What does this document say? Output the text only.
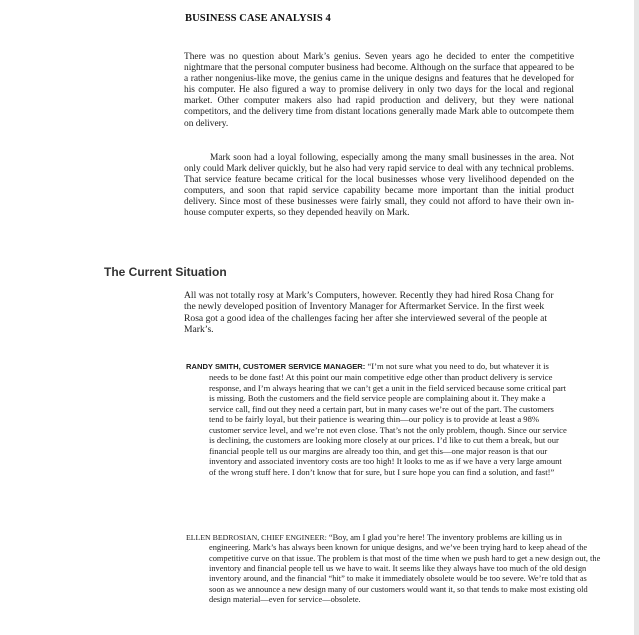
BUSINESS CASE ANALYSIS 4

There was no question about Mark’s genius. Seven years ago he decided to enter the competitive nightmare that the personal computer business had become. Although on the surface that appeared to be a rather nongenius-like move, the genius came in the unique designs and features that he developed for his computer. He also figured a way to promise delivery in only two days for the local and regional market. Other computer makers also had rapid production and delivery, but they were national competitors, and the delivery time from distant locations generally made Mark able to outcompete them on delivery.

Mark soon had a loyal following, especially among the many small businesses in the area. Not only could Mark deliver quickly, but he also had very rapid service to deal with any technical problems. That service feature became critical for the local businesses whose very livelihood depended on the computers, and soon that rapid service capability became more important than the initial product delivery. Since most of these businesses were fairly small, they could not afford to have their own in-house computer experts, so they depended heavily on Mark.

The Current Situation

All was not totally rosy at Mark’s Computers, however. Recently they had hired Rosa Chang for the newly developed position of Inventory Manager for Aftermarket Service. In the first week Rosa got a good idea of the challenges facing her after she interviewed several of the people at Mark’s.

RANDY SMITH, CUSTOMER SERVICE MANAGER: “I’m not sure what you need to do, but whatever it is needs to be done fast! At this point our main competitive edge other than product delivery is service response, and I’m always hearing that we can’t get a unit in the field serviced because some critical part is missing. Both the customers and the field service people are complaining about it. They make a service call, find out they need a certain part, but in many cases we’re out of the part. The customers tend to be fairly loyal, but their patience is wearing thin—our policy is to provide at least a 98% customer service level, and we’re not even close. That’s not the only problem, though. Since our service is declining, the customers are looking more closely at our prices. I’d like to cut them a break, but our financial people tell us our margins are already too thin, and get this—one major reason is that our inventory and associated inventory costs are too high! It looks to me as if we have a very large amount of the wrong stuff here. I don’t know that for sure, but I sure hope you can find a solution, and fast!”

ELLEN BEDROSIAN, CHIEF ENGINEER: “Boy, am I glad you’re here! The inventory problems are killing us in engineering. Mark’s has always been known for unique designs, and we’ve been trying hard to keep ahead of the competitive curve on that issue. The problem is that most of the time when we push hard to get a new design out, the inventory and financial people tell us we have to wait. It seems like they always have too much of the old design inventory around, and the financial “hit” to make it immediately obsolete would be too severe. We’re told that as soon as we announce a new design many of our customers would want it, so that tends to make most existing old design material—even for service—obsolete.
